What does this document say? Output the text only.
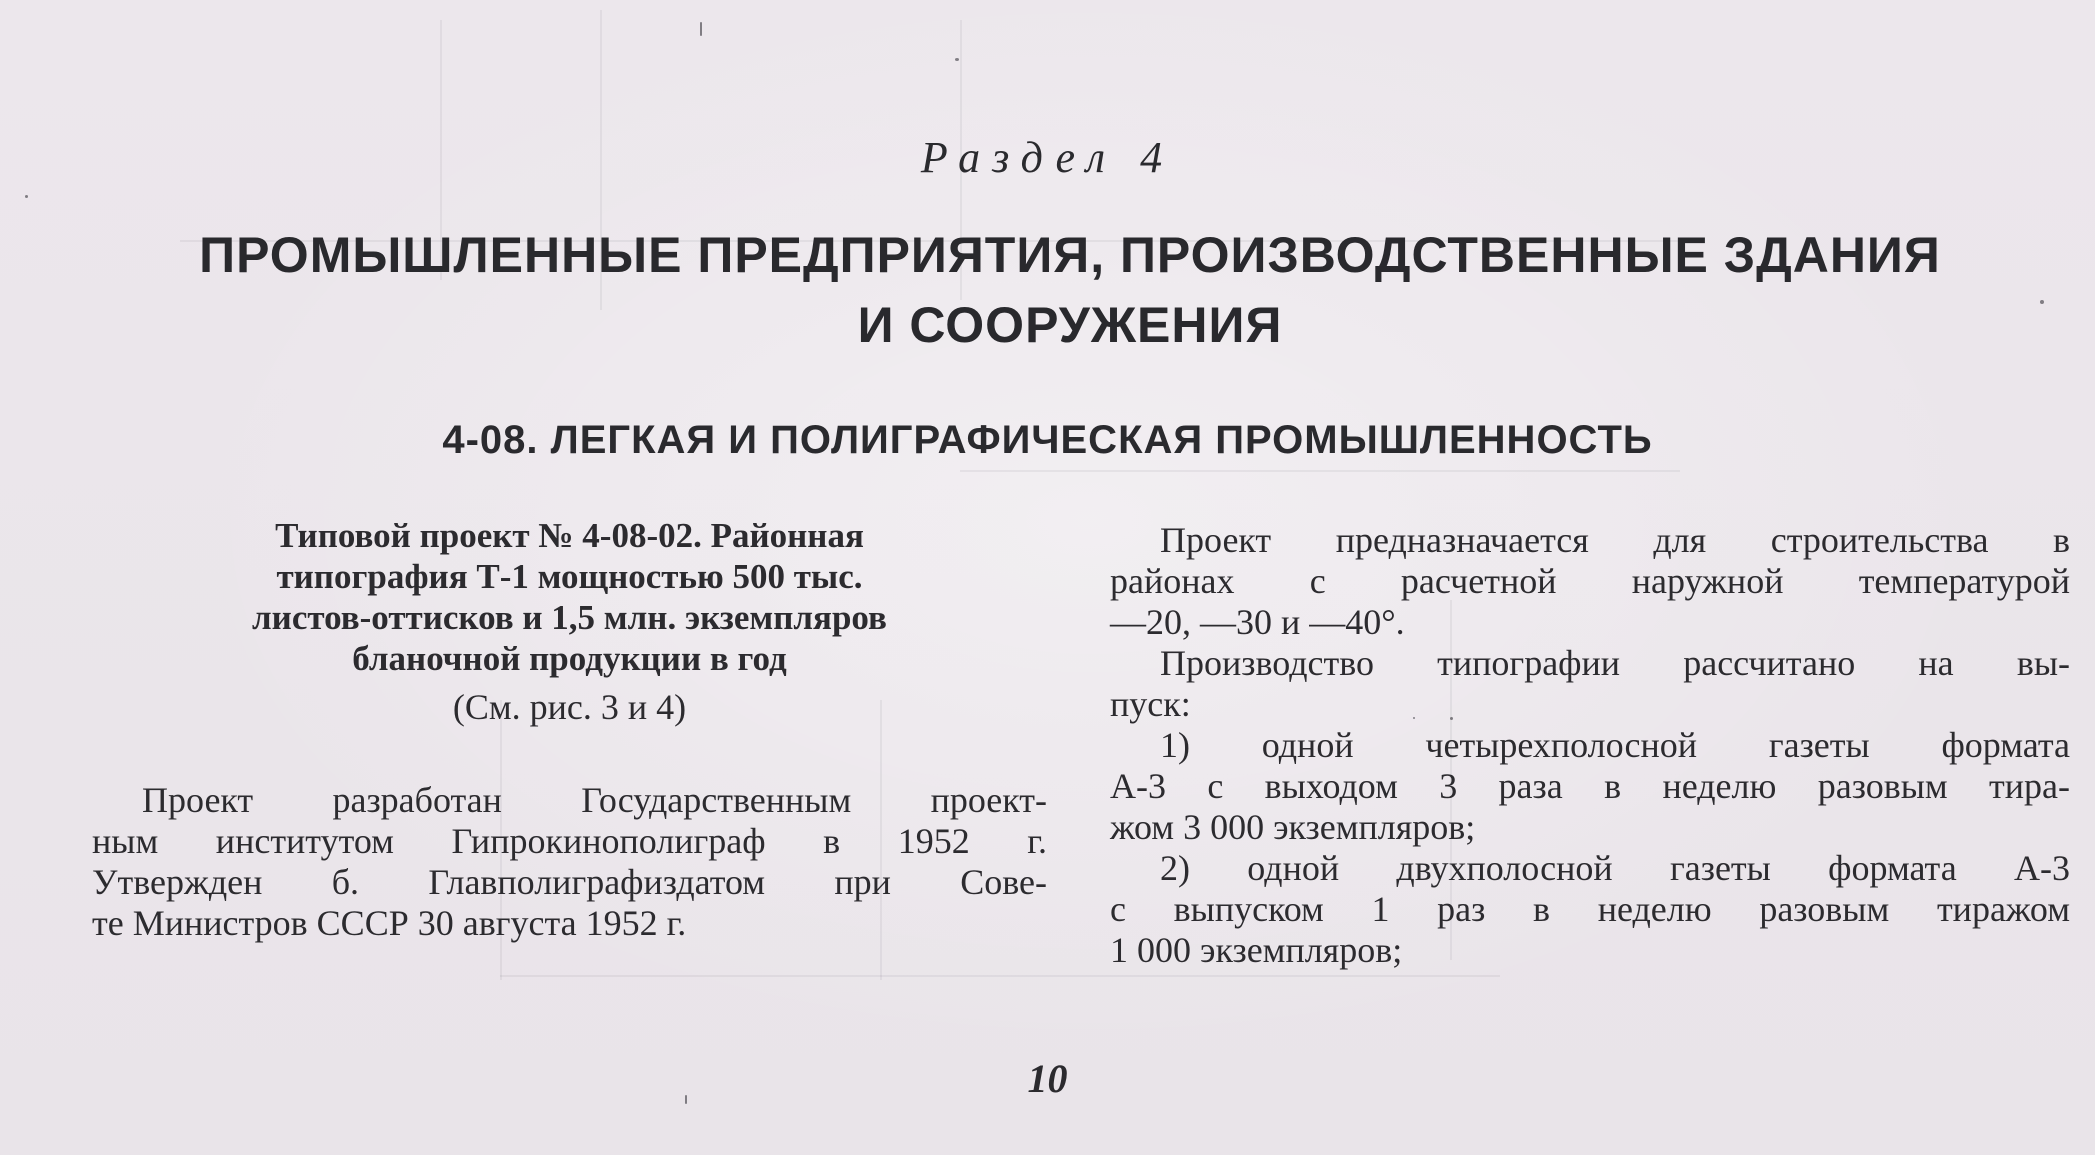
Раздел 4
ПРОМЫШЛЕННЫЕ ПРЕДПРИЯТИЯ, ПРОИЗВОДСТВЕННЫЕ ЗДАНИЯ
И СООРУЖЕНИЯ
4-08. ЛЕГКАЯ И ПОЛИГРАФИЧЕСКАЯ ПРОМЫШЛЕННОСТЬ
Типовой проект № 4-08-02. Районная
типография Т-1 мощностью 500 тыс.
листов-оттисков и 1,5 млн. экземпляров
бланочной продукции в год
(См. рис. 3 и 4)
Проект разработан Государственным проект-
ным институтом Гипрокинополиграф в 1952 г.
Утвержден б. Главполиграфиздатом при Сове-
те Министров СССР 30 августа 1952 г.
Проект предназначается для строительства в
районах с расчетной наружной температурой
—20, —30 и —40°.
Производство типографии рассчитано на вы-
пуск:
1) одной четырехполосной газеты формата
А-3 с выходом 3 раза в неделю разовым тира-
жом 3 000 экземпляров;
2) одной двухполосной газеты формата А-3
с выпуском 1 раз в неделю разовым тиражом
1 000 экземпляров;
10
